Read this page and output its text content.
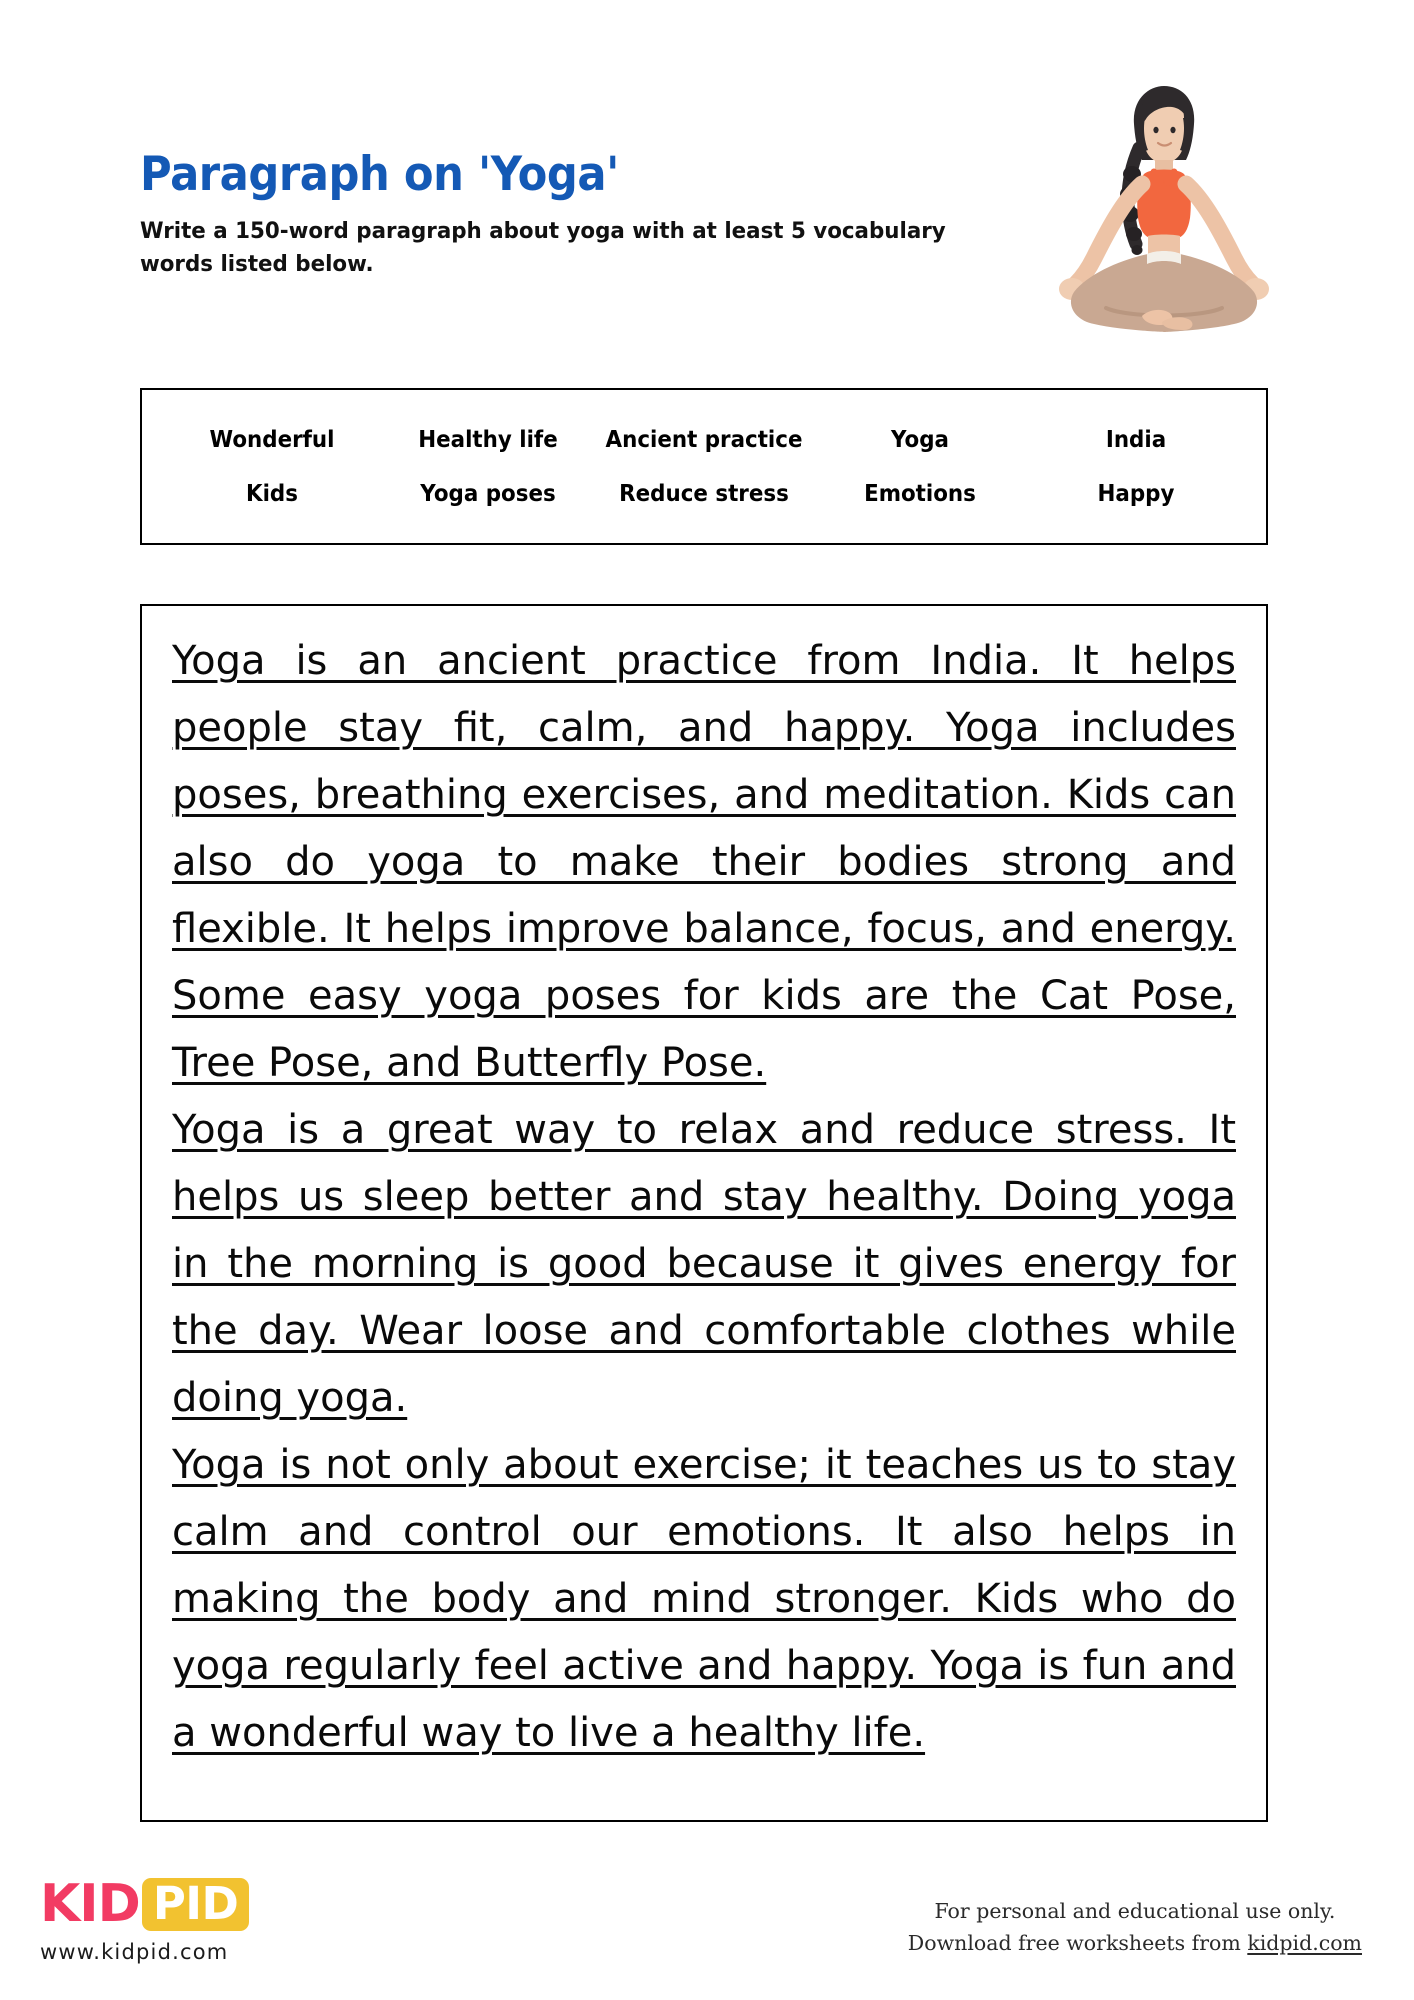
Paragraph on 'Yoga'

Write a 150-word paragraph about yoga with at least 5 vocabulary words listed below.

Wonderful	Healthy life	Ancient practice	Yoga	India
Kids	Yoga poses	Reduce stress	Emotions	Happy

Yoga is an ancient practice from India. It helps people stay fit, calm, and happy. Yoga includes poses, breathing exercises, and meditation. Kids can also do yoga to make their bodies strong and flexible. It helps improve balance, focus, and energy. Some easy yoga poses for kids are the Cat Pose, Tree Pose, and Butterfly Pose.

Yoga is a great way to relax and reduce stress. It helps us sleep better and stay healthy. Doing yoga in the morning is good because it gives energy for the day. Wear loose and comfortable clothes while doing yoga.

Yoga is not only about exercise; it teaches us to stay calm and control our emotions. It also helps in making the body and mind stronger. Kids who do yoga regularly feel active and happy. Yoga is fun and a wonderful way to live a healthy life.

KID PID
www.kidpid.com
For personal and educational use only.
Download free worksheets from kidpid.com
